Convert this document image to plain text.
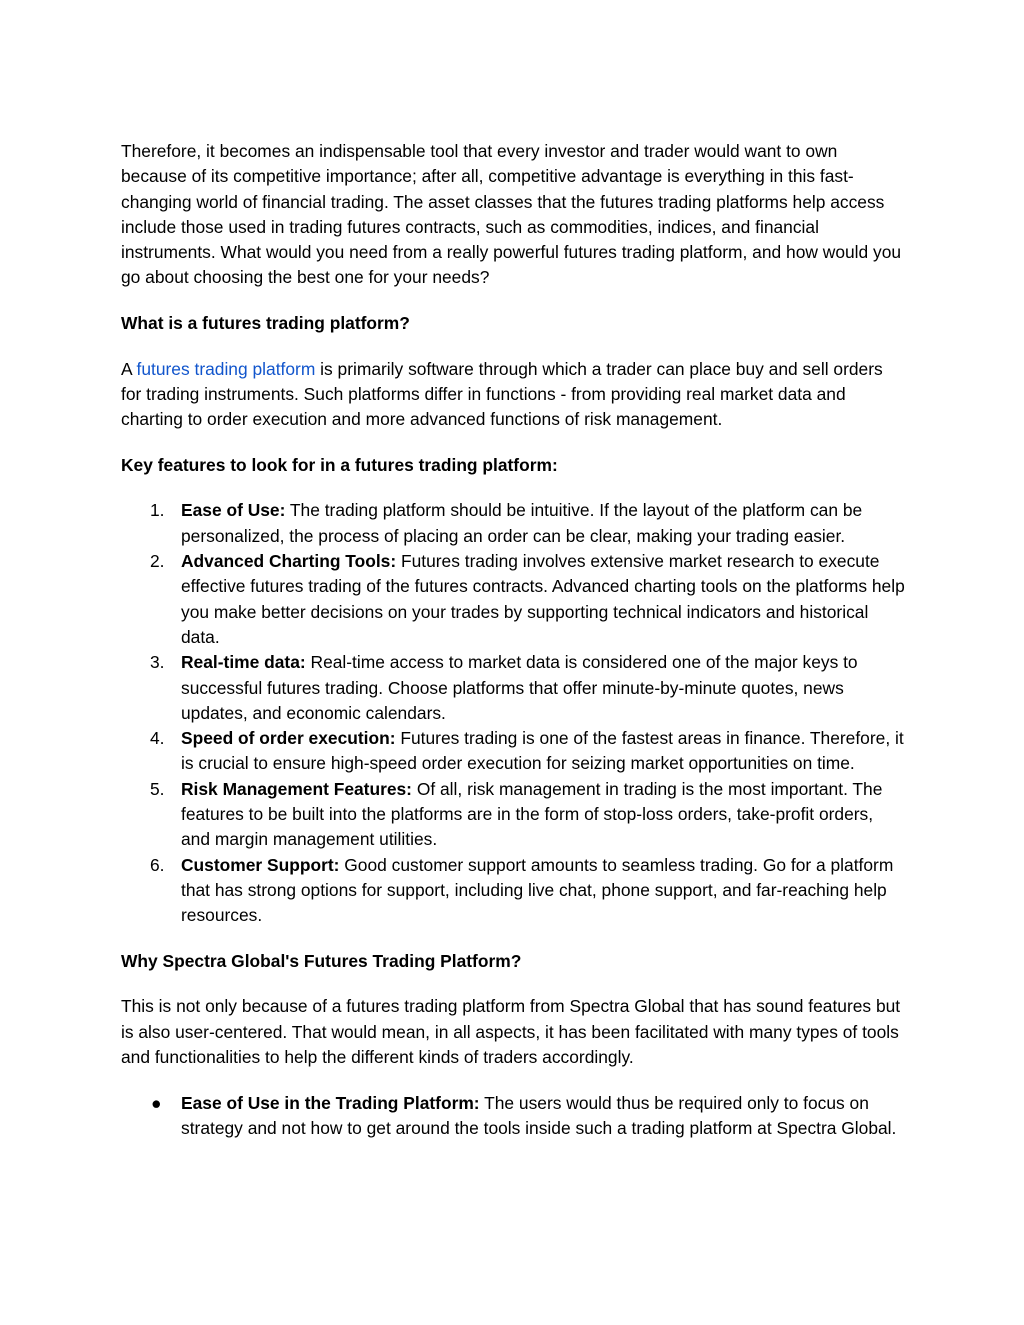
Therefore, it becomes an indispensable tool that every investor and trader would want to own because of its competitive importance; after all, competitive advantage is everything in this fast-changing world of financial trading. The asset classes that the futures trading platforms help access include those used in trading futures contracts, such as commodities, indices, and financial instruments. What would you need from a really powerful futures trading platform, and how would you go about choosing the best one for your needs?

What is a futures trading platform?

A futures trading platform is primarily software through which a trader can place buy and sell orders for trading instruments. Such platforms differ in functions - from providing real market data and charting to order execution and more advanced functions of risk management.

Key features to look for in a futures trading platform:

1. Ease of Use: The trading platform should be intuitive. If the layout of the platform can be personalized, the process of placing an order can be clear, making your trading easier.
2. Advanced Charting Tools: Futures trading involves extensive market research to execute effective futures trading of the futures contracts. Advanced charting tools on the platforms help you make better decisions on your trades by supporting technical indicators and historical data.
3. Real-time data: Real-time access to market data is considered one of the major keys to successful futures trading. Choose platforms that offer minute-by-minute quotes, news updates, and economic calendars.
4. Speed of order execution: Futures trading is one of the fastest areas in finance. Therefore, it is crucial to ensure high-speed order execution for seizing market opportunities on time.
5. Risk Management Features: Of all, risk management in trading is the most important. The features to be built into the platforms are in the form of stop-loss orders, take-profit orders, and margin management utilities.
6. Customer Support: Good customer support amounts to seamless trading. Go for a platform that has strong options for support, including live chat, phone support, and far-reaching help resources.

Why Spectra Global's Futures Trading Platform?

This is not only because of a futures trading platform from Spectra Global that has sound features but is also user-centered. That would mean, in all aspects, it has been facilitated with many types of tools and functionalities to help the different kinds of traders accordingly.

● Ease of Use in the Trading Platform: The users would thus be required only to focus on strategy and not how to get around the tools inside such a trading platform at Spectra Global.
